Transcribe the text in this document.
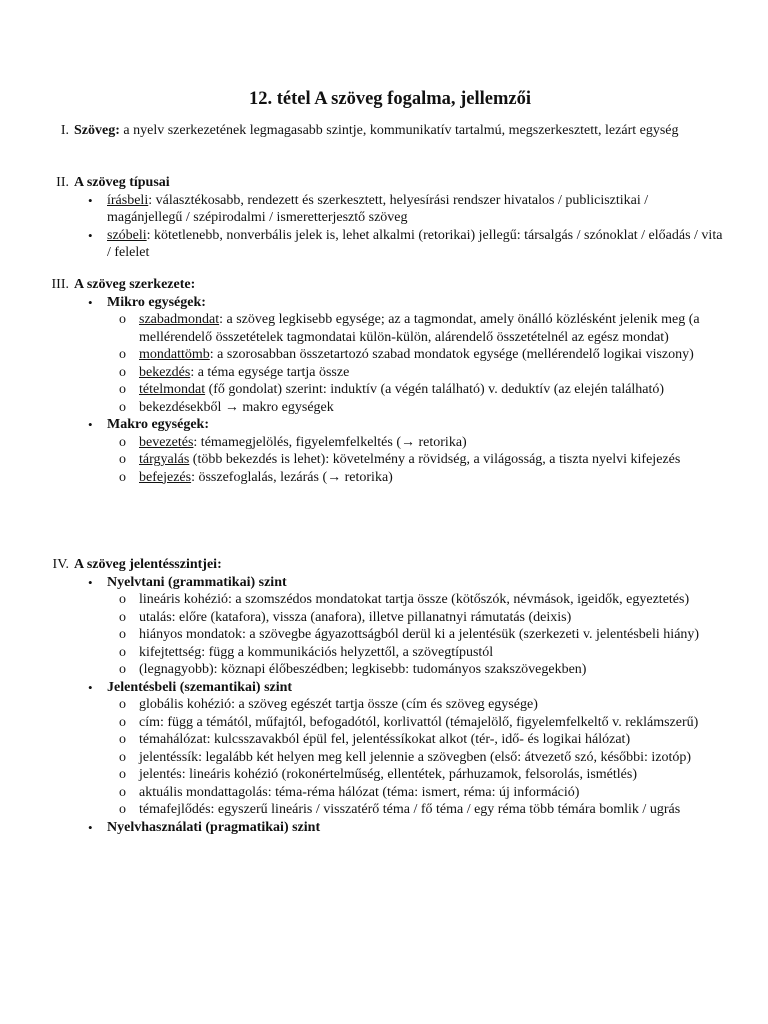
12. tétel A szöveg fogalma, jellemzői
I. Szöveg: a nyelv szerkezetének legmagasabb szintje, kommunikatív tartalmú, megszerkesztett, lezárt egység
II. A szöveg típusai
• írásbeli: választékosabb, rendezett és szerkesztett, helyesírási rendszer hivatalos / publicisztikai / magánjellegű / szépirodalmi / ismeretterjesztő szöveg
• szóbeli: kötetlenebb, nonverbális jelek is, lehet alkalmi (retorikai) jellegű: társalgás / szónoklat / előadás / vita / felelet
III. A szöveg szerkezete:
• Mikro egységek:
o szabadmondat: a szöveg legkisebb egysége; az a tagmondat, amely önálló közlésként jelenik meg (a mellérendelő összetételek tagmondatai külön-külön, alárendelő összetételnél az egész mondat)
o mondattömb: a szorosabban összetartozó szabad mondatok egysége (mellérendelő logikai viszony)
o bekezdés: a téma egysége tartja össze
o tételmondat (fő gondolat) szerint: induktív (a végén található) v. deduktív (az elején található)
o bekezdésekből → makro egységek
• Makro egységek:
o bevezetés: témamegjelölés, figyelemfelkeltés (→ retorika)
o tárgyalás (több bekezdés is lehet): követelmény a rövidség, a világosság, a tiszta nyelvi kifejezés
o befejezés: összefoglalás, lezárás (→ retorika)
IV. A szöveg jelentésszintjei:
• Nyelvtani (grammatikai) szint
o lineáris kohézió: a szomszédos mondatokat tartja össze (kötőszók, névmások, igeidők, egyeztetés)
o utalás: előre (katafora), vissza (anafora), illetve pillanatnyi rámutatás (deixis)
o hiányos mondatok: a szövegbe ágyazottságból derül ki a jelentésük (szerkezeti v. jelentésbeli hiány)
o kifejtettség: függ a kommunikációs helyzettől, a szövegtípustól
o (legnagyobb): köznapi élőbeszédben; legkisebb: tudományos szakszövegekben)
• Jelentésbeli (szemantikai) szint
o globális kohézió: a szöveg egészét tartja össze (cím és szöveg egysége)
o cím: függ a témától, műfajtól, befogadótól, korlivattól (témajelölő, figyelemfelkeltő v. reklámszerű)
o témahálózat: kulcsszavakból épül fel, jelentéssíkokat alkot (tér-, idő- és logikai hálózat)
o jelentéssík: legalább két helyen meg kell jelennie a szövegben (első: átvezető szó, későbbi: izotóp)
o jelentés: lineáris kohézió (rokonértelműség, ellentétek, párhuzamok, felsorolás, ismétlés)
o aktuális mondattagolás: téma-réma hálózat (téma: ismert, réma: új információ)
o témafejlődés: egyszerű lineáris / visszatérő téma / fő téma / egy réma több témára bomlik / ugrás
• Nyelvhasználati (pragmatikai) szint
